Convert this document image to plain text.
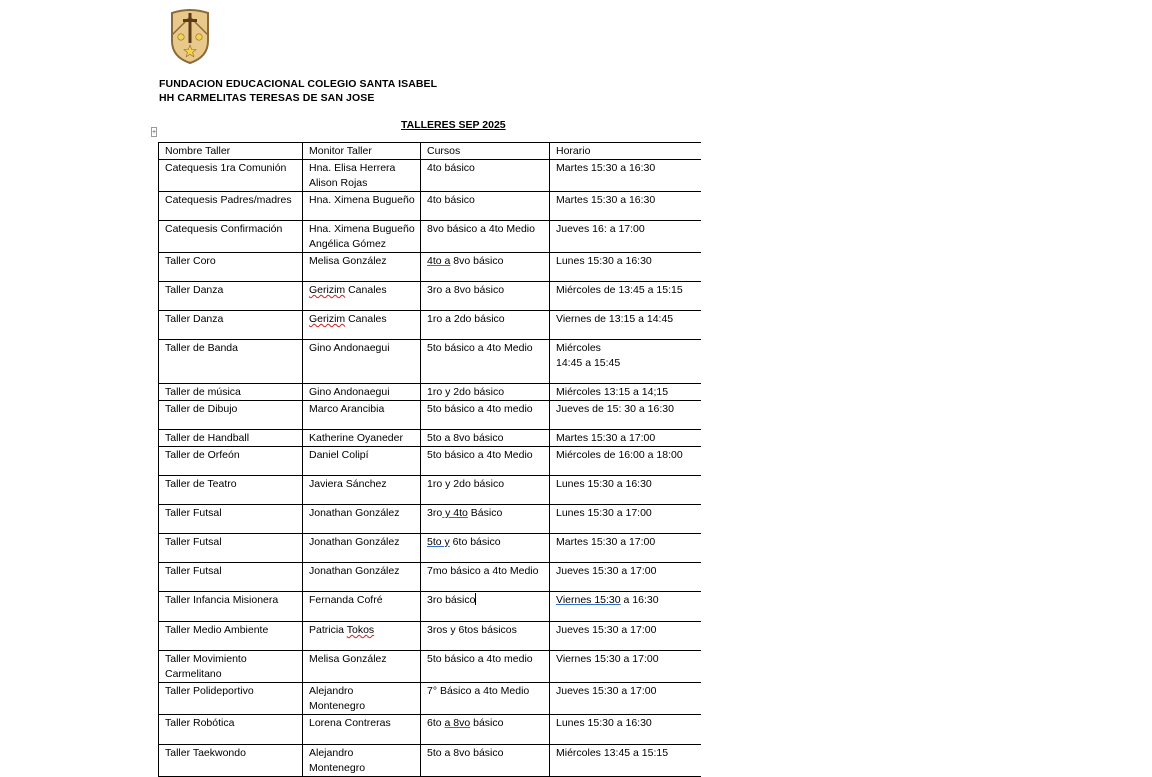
FUNDACION EDUCACIONAL COLEGIO SANTA ISABEL
HH CARMELITAS TERESAS DE SAN JOSE
TALLERES SEP 2025
+
Nombre Taller	Monitor Taller	Cursos	Horario

Catequesis 1ra Comunión	Hna. Elisa Herrera
Alison Rojas	4to básico	Martes 15:30 a 16:30

Catequesis Padres/madres	Hna. Ximena Bugueño	4to básico	Martes 15:30 a 16:30

Catequesis Confirmación	Hna. Ximena Bugueño
Angélica Gómez	8vo básico a 4to Medio	Jueves 16: a 17:00

Taller Coro	Melisa González	4to a 8vo básico	Lunes 15:30 a 16:30

Taller Danza	Gerizim Canales	3ro a 8vo básico	Miércoles de 13:45 a 15:15

Taller Danza	Gerizim Canales	1ro a 2do básico	Viernes de 13:15 a 14:45

Taller de Banda	Gino Andonaegui	5to básico a 4to Medio	Miércoles
14:45 a 15:45

Taller de música	Gino Andonaegui	1ro y 2do básico	Miércoles 13:15 a 14;15

Taller de Dibujo	Marco Arancibia	5to básico a 4to medio	Jueves de 15: 30 a 16:30

Taller de Handball	Katherine Oyaneder	5to a 8vo básico	Martes 15:30 a 17:00

Taller de Orfeón	Daniel Colipí	5to básico a 4to Medio	Miércoles de 16:00 a 18:00

Taller de Teatro	Javiera Sánchez	1ro y 2do básico	Lunes 15:30 a 16:30

Taller Futsal	Jonathan González	3ro y 4to Básico	Lunes 15:30 a 17:00

Taller Futsal	Jonathan González	5to y 6to básico	Martes 15:30 a 17:00

Taller Futsal	Jonathan González	7mo básico a 4to Medio	Jueves 15:30 a 17:00

Taller Infancia Misionera	Fernanda Cofré	3ro básico	Viernes 15:30 a 16:30

Taller Medio Ambiente	Patricia Tokos	3ros y 6tos básicos	Jueves 15:30 a 17:00

Taller Movimiento
Carmelitano	Melisa González	5to básico a 4to medio	Viernes 15:30 a 17:00

Taller Polideportivo	Alejandro
Montenegro	7° Básico a 4to Medio	Jueves 15:30 a 17:00

Taller Robótica	Lorena Contreras	6to a 8vo básico	Lunes 15:30 a 16:30

Taller Taekwondo	Alejandro
Montenegro	5to a 8vo básico	Miércoles 13:45 a 15:15
